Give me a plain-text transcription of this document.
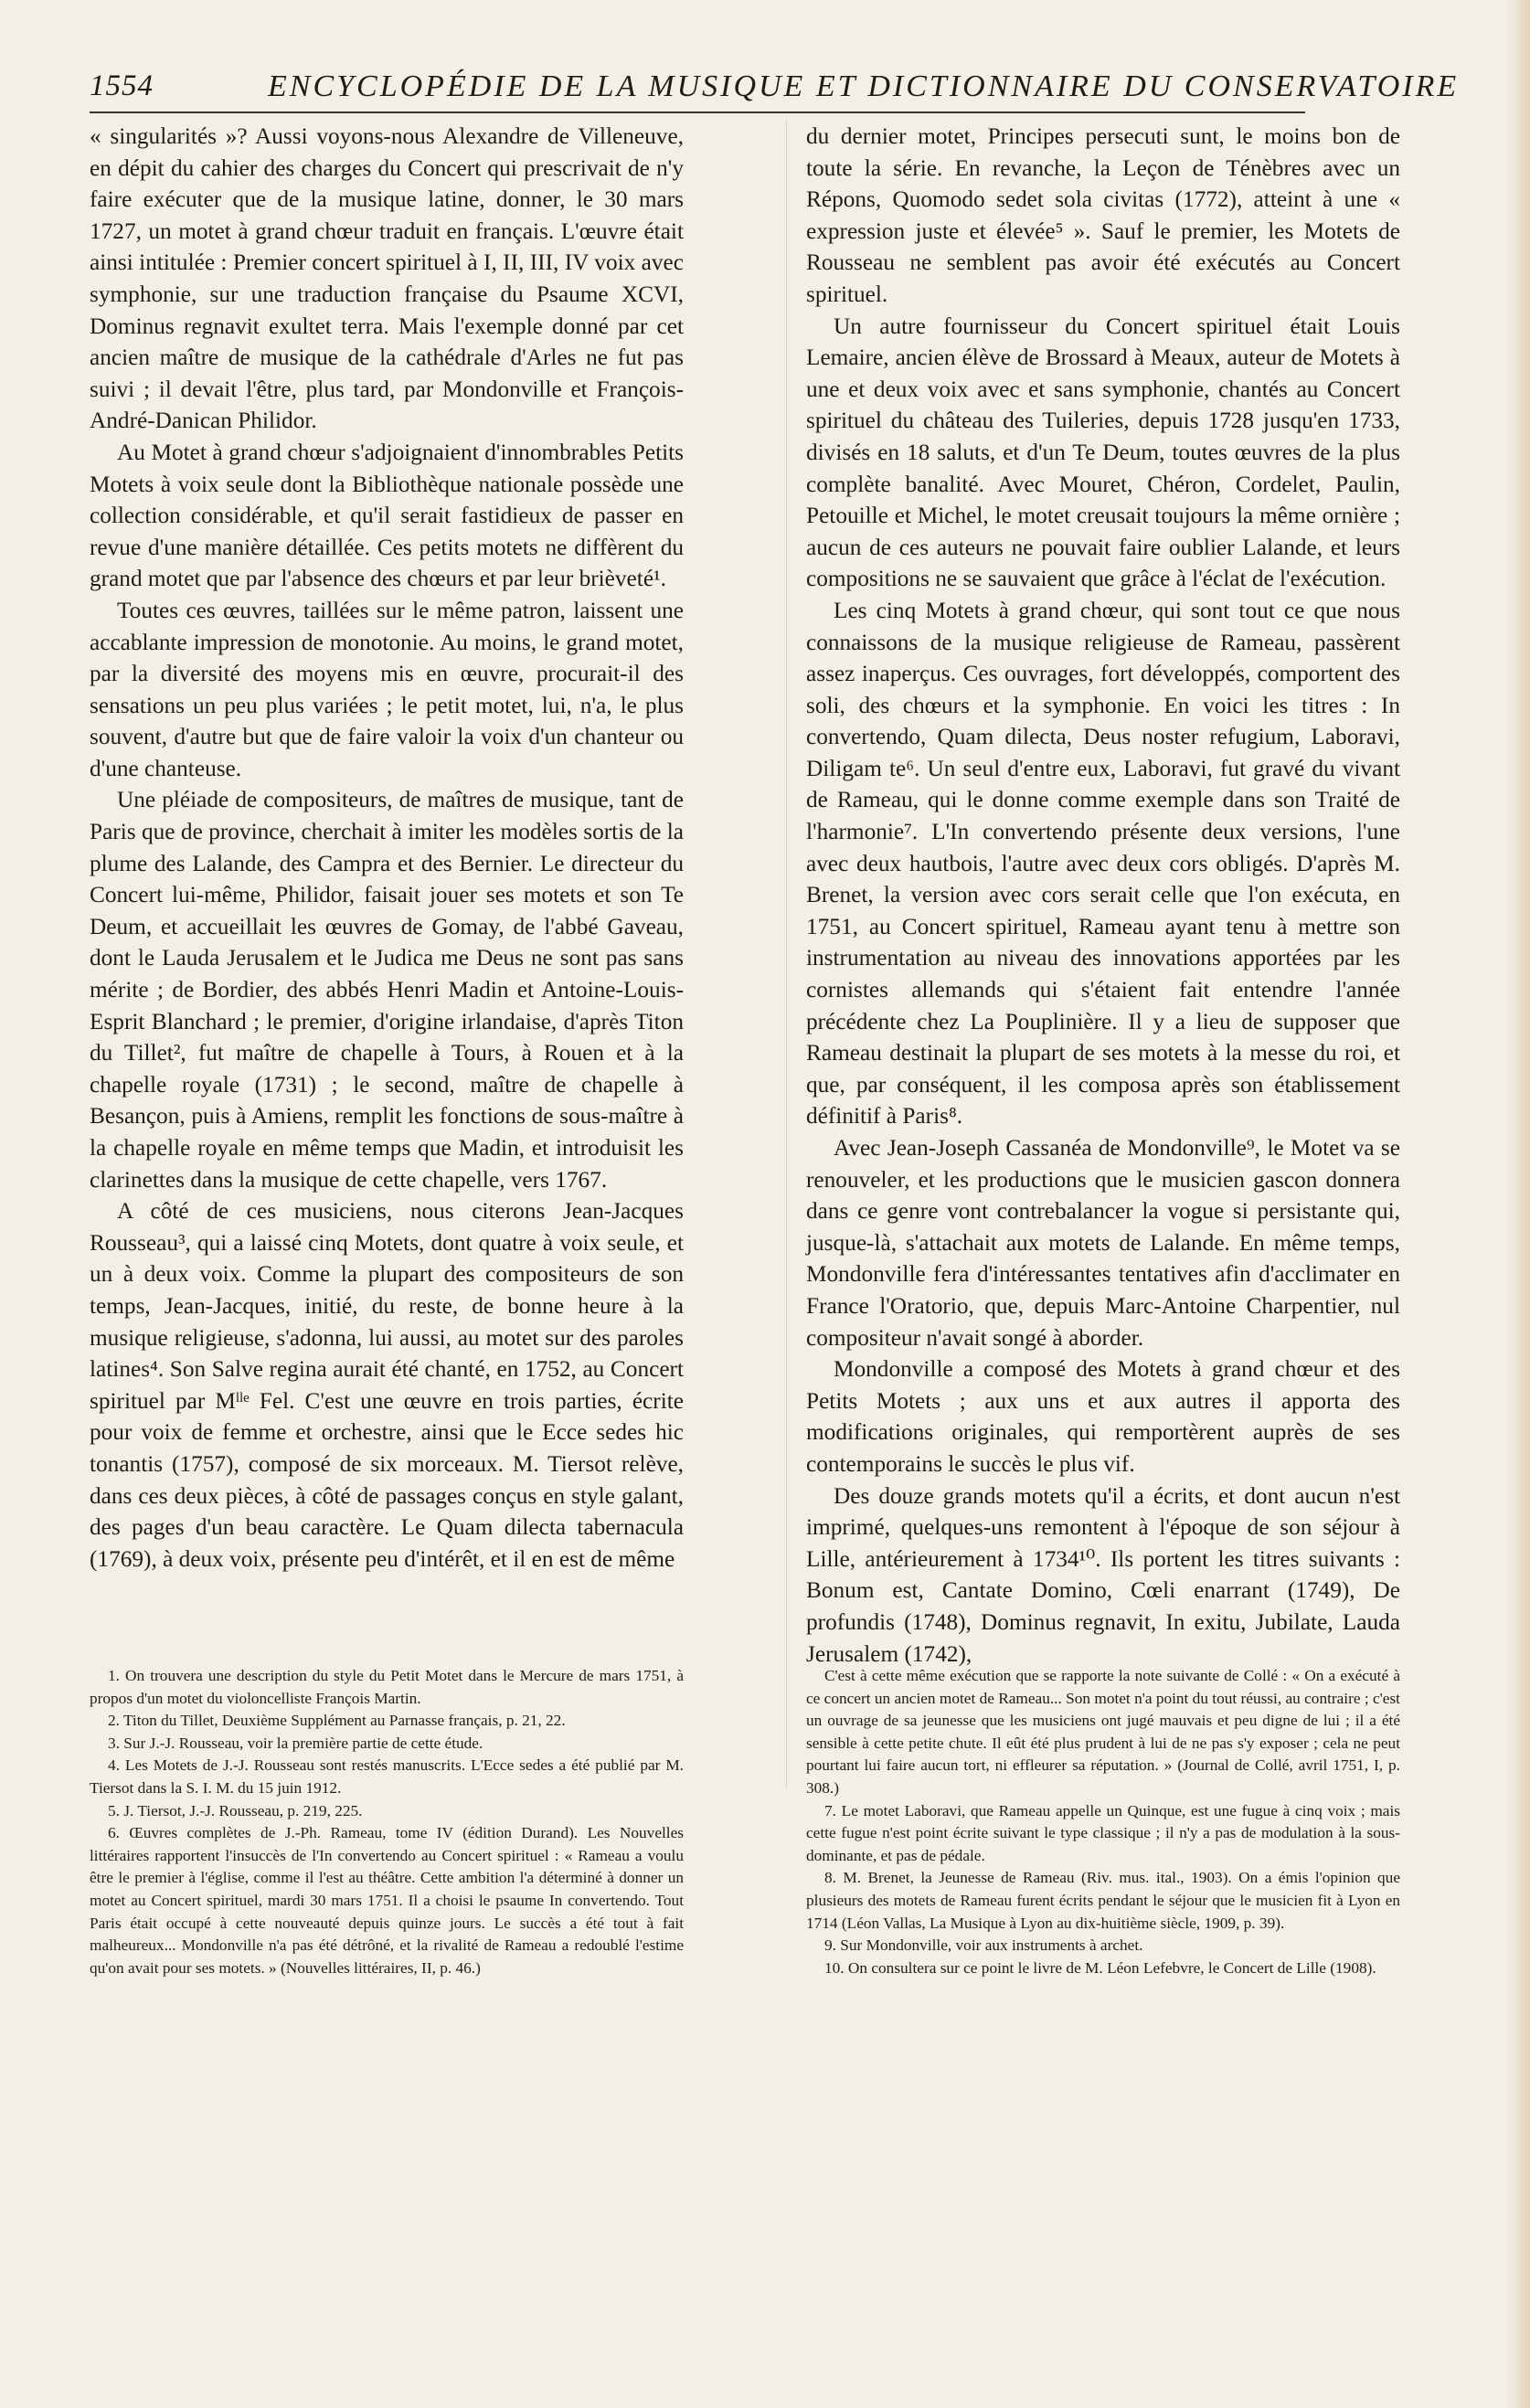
1554	ENCYCLOPÉDIE DE LA MUSIQUE ET DICTIONNAIRE DU CONSERVATOIRE

« singularités »? Aussi voyons-nous Alexandre de Villeneuve, en dépit du cahier des charges du Concert qui prescrivait de n'y faire exécuter que de la musique latine, donner, le 30 mars 1727, un motet à grand chœur traduit en français. L'œuvre était ainsi intitulée : Premier concert spirituel à I, II, III, IV voix avec symphonie, sur une traduction française du Psaume XCVI, Dominus regnavit exultet terra. Mais l'exemple donné par cet ancien maître de musique de la cathédrale d'Arles ne fut pas suivi ; il devait l'être, plus tard, par Mondonville et François-André-Danican Philidor.

Au Motet à grand chœur s'adjoignaient d'innombrables Petits Motets à voix seule dont la Bibliothèque nationale possède une collection considérable, et qu'il serait fastidieux de passer en revue d'une manière détaillée. Ces petits motets ne diffèrent du grand motet que par l'absence des chœurs et par leur brièveté¹.

Toutes ces œuvres, taillées sur le même patron, laissent une accablante impression de monotonie. Au moins, le grand motet, par la diversité des moyens mis en œuvre, procurait-il des sensations un peu plus variées ; le petit motet, lui, n'a, le plus souvent, d'autre but que de faire valoir la voix d'un chanteur ou d'une chanteuse.

Une pléiade de compositeurs, de maîtres de musique, tant de Paris que de province, cherchait à imiter les modèles sortis de la plume des Lalande, des Campra et des Bernier. Le directeur du Concert lui-même, Philidor, faisait jouer ses motets et son Te Deum, et accueillait les œuvres de Gomay, de l'abbé Gaveau, dont le Lauda Jerusalem et le Judica me Deus ne sont pas sans mérite ; de Bordier, des abbés Henri Madin et Antoine-Louis-Esprit Blanchard ; le premier, d'origine irlandaise, d'après Titon du Tillet², fut maître de chapelle à Tours, à Rouen et à la chapelle royale (1731) ; le second, maître de chapelle à Besançon, puis à Amiens, remplit les fonctions de sous-maître à la chapelle royale en même temps que Madin, et introduisit les clarinettes dans la musique de cette chapelle, vers 1767.

A côté de ces musiciens, nous citerons Jean-Jacques Rousseau³, qui a laissé cinq Motets, dont quatre à voix seule, et un à deux voix. Comme la plupart des compositeurs de son temps, Jean-Jacques, initié, du reste, de bonne heure à la musique religieuse, s'adonna, lui aussi, au motet sur des paroles latines⁴. Son Salve regina aurait été chanté, en 1752, au Concert spirituel par Mˡˡᵉ Fel. C'est une œuvre en trois parties, écrite pour voix de femme et orchestre, ainsi que le Ecce sedes hic tonantis (1757), composé de six morceaux. M. Tiersot relève, dans ces deux pièces, à côté de passages conçus en style galant, des pages d'un beau caractère. Le Quam dilecta tabernacula (1769), à deux voix, présente peu d'intérêt, et il en est de même

du dernier motet, Principes persecuti sunt, le moins bon de toute la série. En revanche, la Leçon de Ténèbres avec un Répons, Quomodo sedet sola civitas (1772), atteint à une « expression juste et élevée⁵ ». Sauf le premier, les Motets de Rousseau ne semblent pas avoir été exécutés au Concert spirituel.

Un autre fournisseur du Concert spirituel était Louis Lemaire, ancien élève de Brossard à Meaux, auteur de Motets à une et deux voix avec et sans symphonie, chantés au Concert spirituel du château des Tuileries, depuis 1728 jusqu'en 1733, divisés en 18 saluts, et d'un Te Deum, toutes œuvres de la plus complète banalité. Avec Mouret, Chéron, Cordelet, Paulin, Petouille et Michel, le motet creusait toujours la même ornière ; aucun de ces auteurs ne pouvait faire oublier Lalande, et leurs compositions ne se sauvaient que grâce à l'éclat de l'exécution.

Les cinq Motets à grand chœur, qui sont tout ce que nous connaissons de la musique religieuse de Rameau, passèrent assez inaperçus. Ces ouvrages, fort développés, comportent des soli, des chœurs et la symphonie. En voici les titres : In convertendo, Quam dilecta, Deus noster refugium, Laboravi, Diligam te⁶. Un seul d'entre eux, Laboravi, fut gravé du vivant de Rameau, qui le donne comme exemple dans son Traité de l'harmonie⁷. L'In convertendo présente deux versions, l'une avec deux hautbois, l'autre avec deux cors obligés. D'après M. Brenet, la version avec cors serait celle que l'on exécuta, en 1751, au Concert spirituel, Rameau ayant tenu à mettre son instrumentation au niveau des innovations apportées par les cornistes allemands qui s'étaient fait entendre l'année précédente chez La Pouplinière. Il y a lieu de supposer que Rameau destinait la plupart de ses motets à la messe du roi, et que, par conséquent, il les composa après son établissement définitif à Paris⁸.

Avec Jean-Joseph Cassanéa de Mondonville⁹, le Motet va se renouveler, et les productions que le musicien gascon donnera dans ce genre vont contrebalancer la vogue si persistante qui, jusque-là, s'attachait aux motets de Lalande. En même temps, Mondonville fera d'intéressantes tentatives afin d'acclimater en France l'Oratorio, que, depuis Marc-Antoine Charpentier, nul compositeur n'avait songé à aborder.

Mondonville a composé des Motets à grand chœur et des Petits Motets ; aux uns et aux autres il apporta des modifications originales, qui remportèrent auprès de ses contemporains le succès le plus vif.

Des douze grands motets qu'il a écrits, et dont aucun n'est imprimé, quelques-uns remontent à l'époque de son séjour à Lille, antérieurement à 1734¹⁰. Ils portent les titres suivants : Bonum est, Cantate Domino, Cœli enarrant (1749), De profundis (1748), Dominus regnavit, In exitu, Jubilate, Lauda Jerusalem (1742),

1. On trouvera une description du style du Petit Motet dans le Mercure de mars 1751, à propos d'un motet du violoncelliste François Martin.

2. Titon du Tillet, Deuxième Supplément au Parnasse français, p. 21, 22.

3. Sur J.-J. Rousseau, voir la première partie de cette étude.

4. Les Motets de J.-J. Rousseau sont restés manuscrits. L'Ecce sedes a été publié par M. Tiersot dans la S. I. M. du 15 juin 1912.

5. J. Tiersot, J.-J. Rousseau, p. 219, 225.

6. Œuvres complètes de J.-Ph. Rameau, tome IV (édition Durand). Les Nouvelles littéraires rapportent l'insuccès de l'In convertendo au Concert spirituel : « Rameau a voulu être le premier à l'église, comme il l'est au théâtre. Cette ambition l'a déterminé à donner un motet au Concert spirituel, mardi 30 mars 1751. Il a choisi le psaume In convertendo. Tout Paris était occupé à cette nouveauté depuis quinze jours. Le succès a été tout à fait malheureux... Mondonville n'a pas été détrôné, et la rivalité de Rameau a redoublé l'estime qu'on avait pour ses motets. » (Nouvelles littéraires, II, p. 46.)

C'est à cette même exécution que se rapporte la note suivante de Collé : « On a exécuté à ce concert un ancien motet de Rameau... Son motet n'a point du tout réussi, au contraire ; c'est un ouvrage de sa jeunesse que les musiciens ont jugé mauvais et peu digne de lui ; il a été sensible à cette petite chute. Il eût été plus prudent à lui de ne pas s'y exposer ; cela ne peut pourtant lui faire aucun tort, ni effleurer sa réputation. » (Journal de Collé, avril 1751, I, p. 308.)

7. Le motet Laboravi, que Rameau appelle un Quinque, est une fugue à cinq voix ; mais cette fugue n'est point écrite suivant le type classique ; il n'y a pas de modulation à la sous-dominante, et pas de pédale.

8. M. Brenet, la Jeunesse de Rameau (Riv. mus. ital., 1903). On a émis l'opinion que plusieurs des motets de Rameau furent écrits pendant le séjour que le musicien fit à Lyon en 1714 (Léon Vallas, La Musique à Lyon au dix-huitième siècle, 1909, p. 39).

9. Sur Mondonville, voir aux instruments à archet.

10. On consultera sur ce point le livre de M. Léon Lefebvre, le Concert de Lille (1908).
